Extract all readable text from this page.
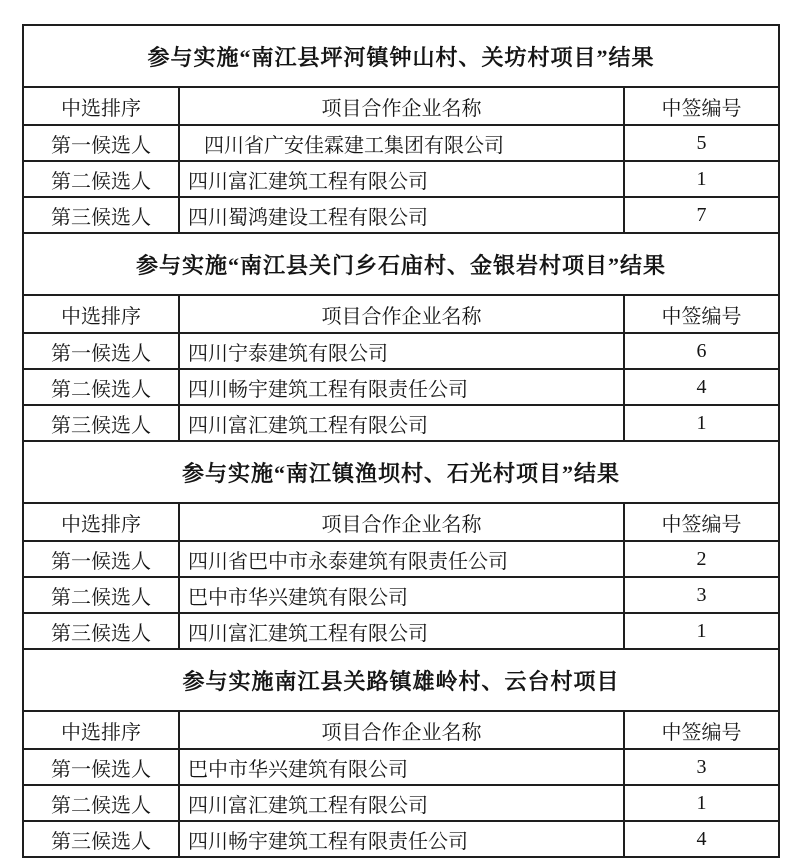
参与实施“南江县坪河镇钟山村、关坊村项目”结果		
中选排序	项目合作企业名称	中签编号
第一候选人	四川省广安佳霖建工集团有限公司	5
第二候选人	四川富汇建筑工程有限公司	1
第三候选人	四川蜀鸿建设工程有限公司	7
参与实施“南江县关门乡石庙村、金银岩村项目”结果		
中选排序	项目合作企业名称	中签编号
第一候选人	四川宁泰建筑有限公司	6
第二候选人	四川畅宇建筑工程有限责任公司	4
第三候选人	四川富汇建筑工程有限公司	1
参与实施“南江镇渔坝村、石光村项目”结果		
中选排序	项目合作企业名称	中签编号
第一候选人	四川省巴中市永泰建筑有限责任公司	2
第二候选人	巴中市华兴建筑有限公司	3
第三候选人	四川富汇建筑工程有限公司	1
参与实施南江县关路镇雄岭村、云台村项目		
中选排序	项目合作企业名称	中签编号
第一候选人	巴中市华兴建筑有限公司	3
第二候选人	四川富汇建筑工程有限公司	1
第三候选人	四川畅宇建筑工程有限责任公司	4
